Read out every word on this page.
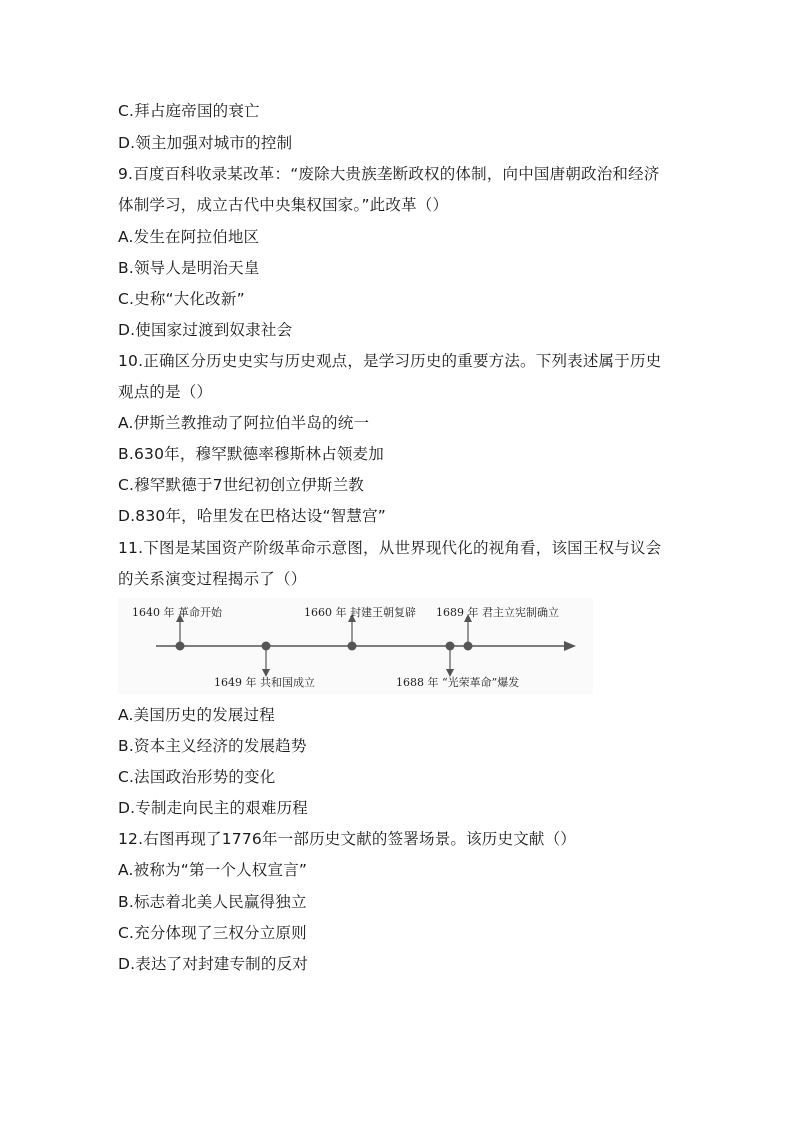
C.拜占庭帝国的衰亡
D.领主加强对城市的控制
9.百度百科收录某改革：“废除大贵族垄断政权的体制，向中国唐朝政治和经济
体制学习，成立古代中央集权国家。”此改革（）
A.发生在阿拉伯地区
B.领导人是明治天皇
C.史称“大化改新”
D.使国家过渡到奴隶社会
10.正确区分历史史实与历史观点，是学习历史的重要方法。下列表述属于历史
观点的是（）
A.伊斯兰教推动了阿拉伯半岛的统一
B.630年，穆罕默德率穆斯林占领麦加
C.穆罕默德于7世纪初创立伊斯兰教
D.830年，哈里发在巴格达设“智慧宫”
11.下图是某国资产阶级革命示意图，从世界现代化的视角看，该国王权与议会
的关系演变过程揭示了（）
1640 年 革命开始
1649 年 共和国成立
1660 年 封建王朝复辟
1688 年 “光荣革命”爆发
1689 年 君主立宪制确立
A.美国历史的发展过程
B.资本主义经济的发展趋势
C.法国政治形势的变化
D.专制走向民主的艰难历程
12.右图再现了1776年一部历史文献的签署场景。该历史文献（）
A.被称为“第一个人权宣言”
B.标志着北美人民赢得独立
C.充分体现了三权分立原则
D.表达了对封建专制的反对
